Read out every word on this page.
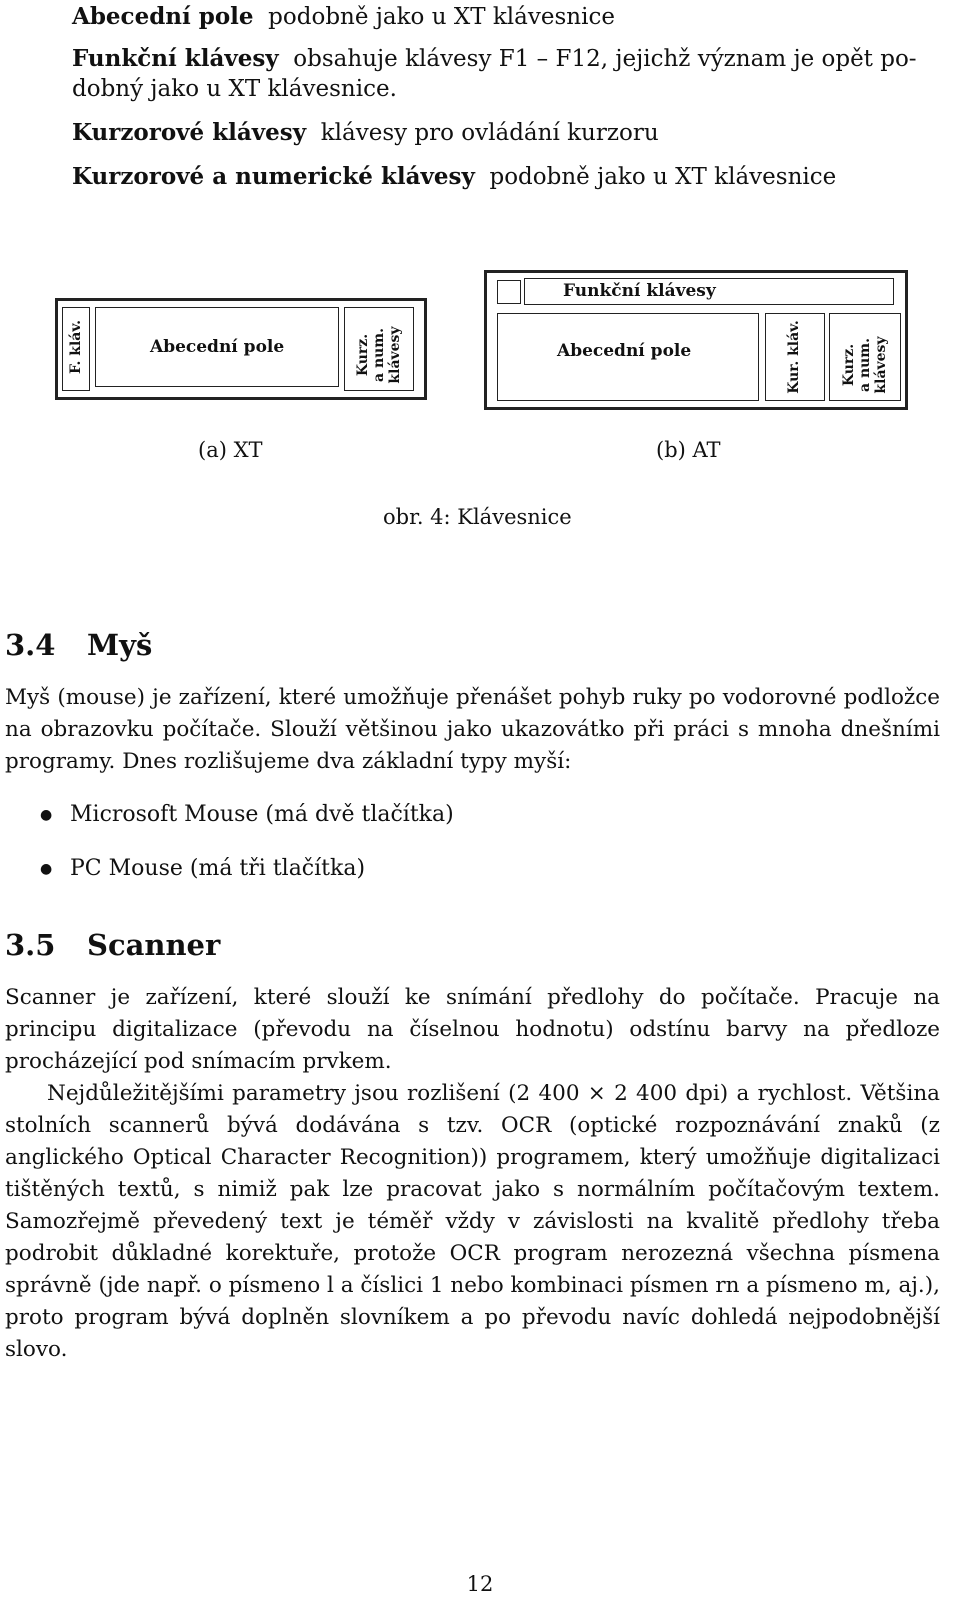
Abecední pole podobně jako u XT klávesnice
Funkční klávesy obsahuje klávesy F1 – F12, jejichž význam je opět po-
dobný jako u XT klávesnice.
Kurzorové klávesy klávesy pro ovládání kurzoru
Kurzorové a numerické klávesy podobně jako u XT klávesnice
F. kláv.	Abecední pole	Kurz.
a num.
klávesy
Funkční klávesy
Abecední pole	Kur. kláv.	Kurz.
a num.
klávesy
(a) XT	(b) AT
obr. 4: Klávesnice
3.4 Myš
Myš (mouse) je zařízení, které umožňuje přenášet pohyb ruky po vodorovné podložce na obrazovku počítače. Slouží většinou jako ukazovátko při práci s mnoha dnešními programy. Dnes rozlišujeme dva základní typy myší:
● Microsoft Mouse (má dvě tlačítka)
● PC Mouse (má tři tlačítka)
3.5 Scanner
Scanner je zařízení, které slouží ke snímání předlohy do počítače. Pracuje na principu digitalizace (převodu na číselnou hodnotu) odstínu barvy na předloze procházející pod snímacím prvkem.
Nejdůležitějšími parametry jsou rozlišení (2 400 × 2 400 dpi) a rychlost. Většina stolních scannerů bývá dodávána s tzv. OCR (optické rozpoznávání znaků (z anglického Optical Character Recognition)) programem, který umožňuje digitalizaci tištěných textů, s nimiž pak lze pracovat jako s normálním počítačovým textem. Samozřejmě převedený text je téměř vždy v závislosti na kvalitě předlohy třeba podrobit důkladné korektuře, protože OCR program nerozezná všechna písmena správně (jde např. o písmeno l a číslici 1 nebo kombinaci písmen rn a písmeno m, aj.), proto program bývá doplněn slovníkem a po převodu navíc dohledá nejpodobnější slovo.
12
